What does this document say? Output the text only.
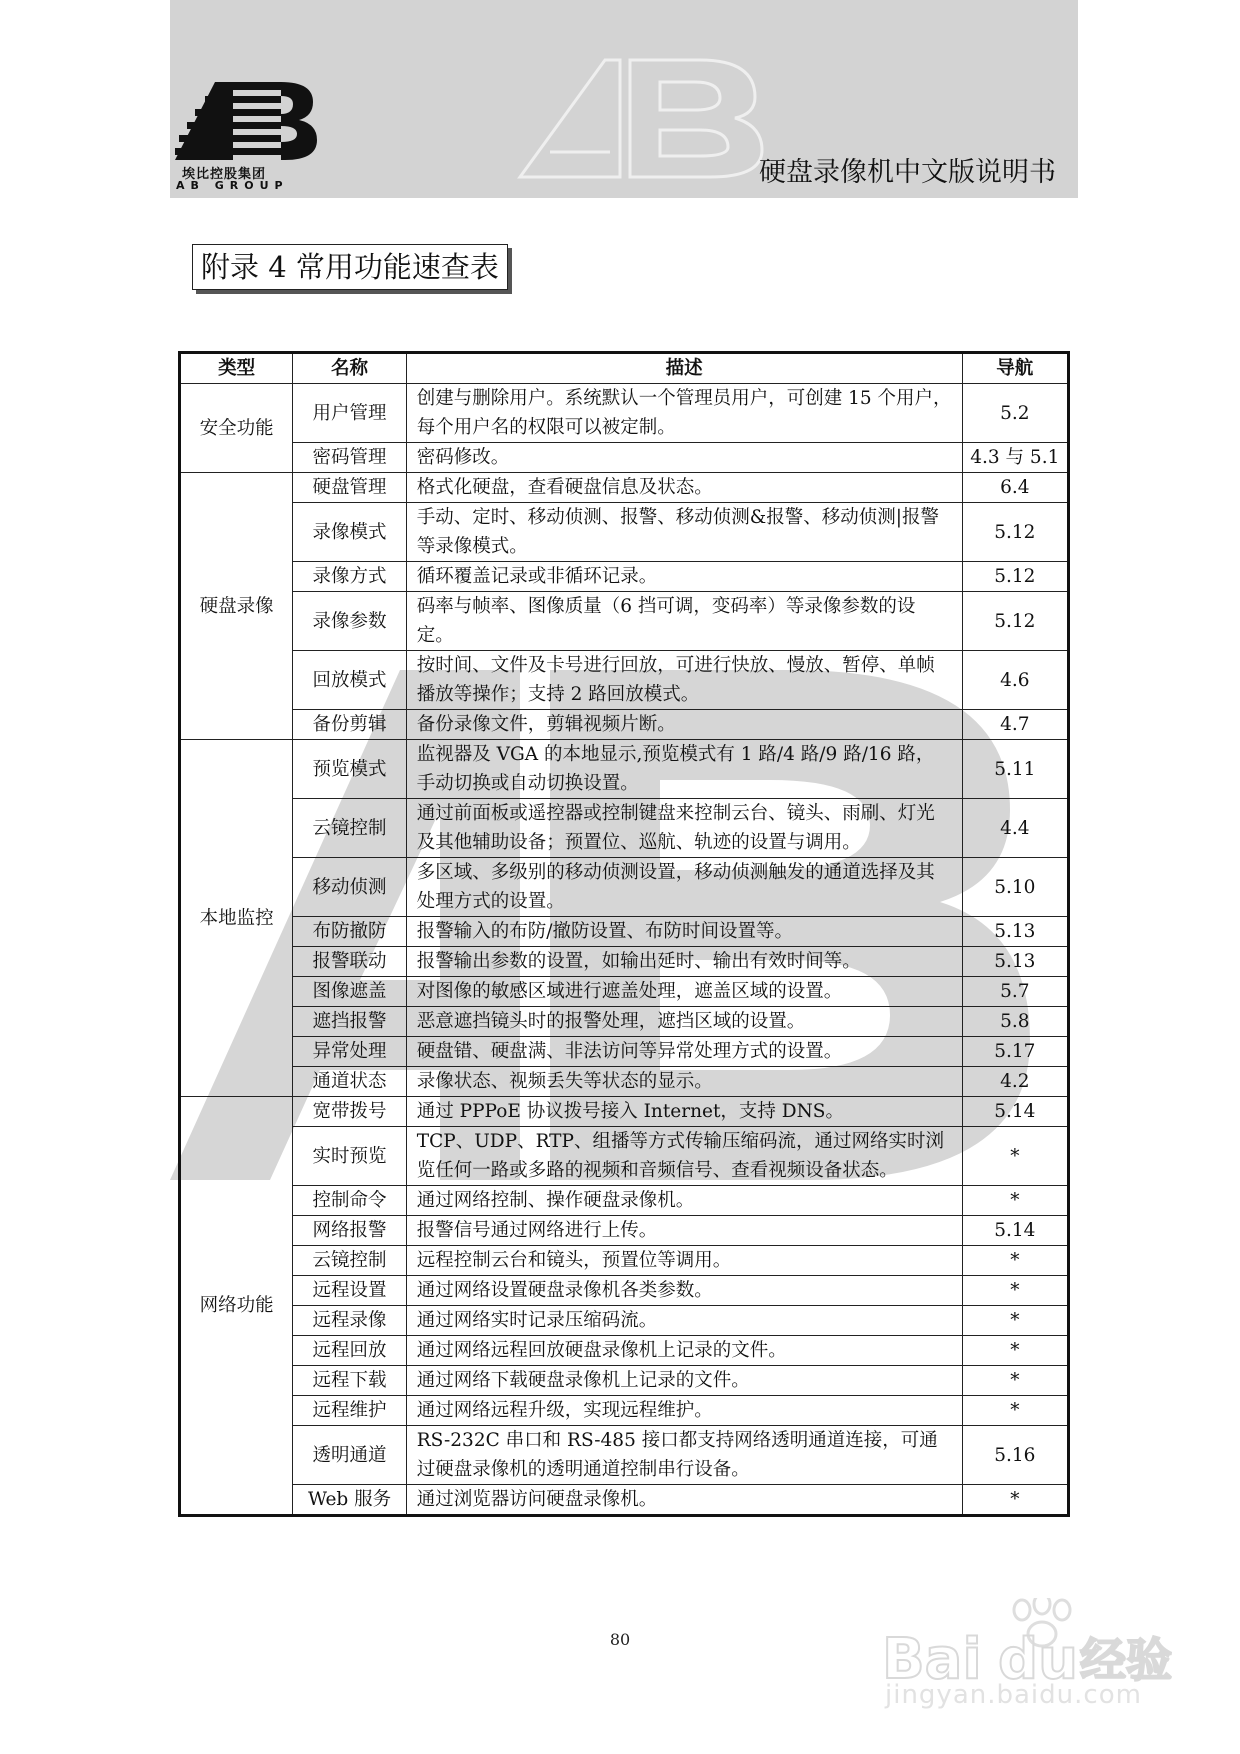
埃比控股集团
AB GROUP	硬盘录像机中文版说明书
附录 4 常用功能速查表
类型	名称	描述	导航
安全功能	用户管理	创建与删除用户。系统默认一个管理员用户，可创建 15 个用户，每个用户名的权限可以被定制。	5.2
	密码管理	密码修改。	4.3 与 5.1
硬盘录像	硬盘管理	格式化硬盘，查看硬盘信息及状态。	6.4
	录像模式	手动、定时、移动侦测、报警、移动侦测&报警、移动侦测|报警等录像模式。	5.12
	录像方式	循环覆盖记录或非循环记录。	5.12
	录像参数	码率与帧率、图像质量（6 挡可调，变码率）等录像参数的设定。	5.12
	回放模式	按时间、文件及卡号进行回放，可进行快放、慢放、暂停、单帧播放等操作；支持 2 路回放模式。	4.6
	备份剪辑	备份录像文件，剪辑视频片断。	4.7
本地监控	预览模式	监视器及 VGA 的本地显示,预览模式有 1 路/4 路/9 路/16 路，手动切换或自动切换设置。	5.11
	云镜控制	通过前面板或遥控器或控制键盘来控制云台、镜头、雨刷、灯光及其他辅助设备；预置位、巡航、轨迹的设置与调用。	4.4
	移动侦测	多区域、多级别的移动侦测设置，移动侦测触发的通道选择及其处理方式的设置。	5.10
	布防撤防	报警输入的布防/撤防设置、布防时间设置等。	5.13
	报警联动	报警输出参数的设置，如输出延时、输出有效时间等。	5.13
	图像遮盖	对图像的敏感区域进行遮盖处理，遮盖区域的设置。	5.7
	遮挡报警	恶意遮挡镜头时的报警处理，遮挡区域的设置。	5.8
	异常处理	硬盘错、硬盘满、非法访问等异常处理方式的设置。	5.17
	通道状态	录像状态、视频丢失等状态的显示。	4.2
网络功能	宽带拨号	通过 PPPoE 协议拨号接入 Internet，支持 DNS。	5.14
	实时预览	TCP、UDP、RTP、组播等方式传输压缩码流，通过网络实时浏览任何一路或多路的视频和音频信号、查看视频设备状态。	*
	控制命令	通过网络控制、操作硬盘录像机。	*
	网络报警	报警信号通过网络进行上传。	5.14
	云镜控制	远程控制云台和镜头，预置位等调用。	*
	远程设置	通过网络设置硬盘录像机各类参数。	*
	远程录像	通过网络实时记录压缩码流。	*
	远程回放	通过网络远程回放硬盘录像机上记录的文件。	*
	远程下载	通过网络下载硬盘录像机上记录的文件。	*
	远程维护	通过网络远程升级，实现远程维护。	*
	透明通道	RS-232C 串口和 RS-485 接口都支持网络透明通道连接，可通过硬盘录像机的透明通道控制串行设备。	5.16
	Web 服务	通过浏览器访问硬盘录像机。	*
80	Bai du 经验
jingyan.baidu.com
